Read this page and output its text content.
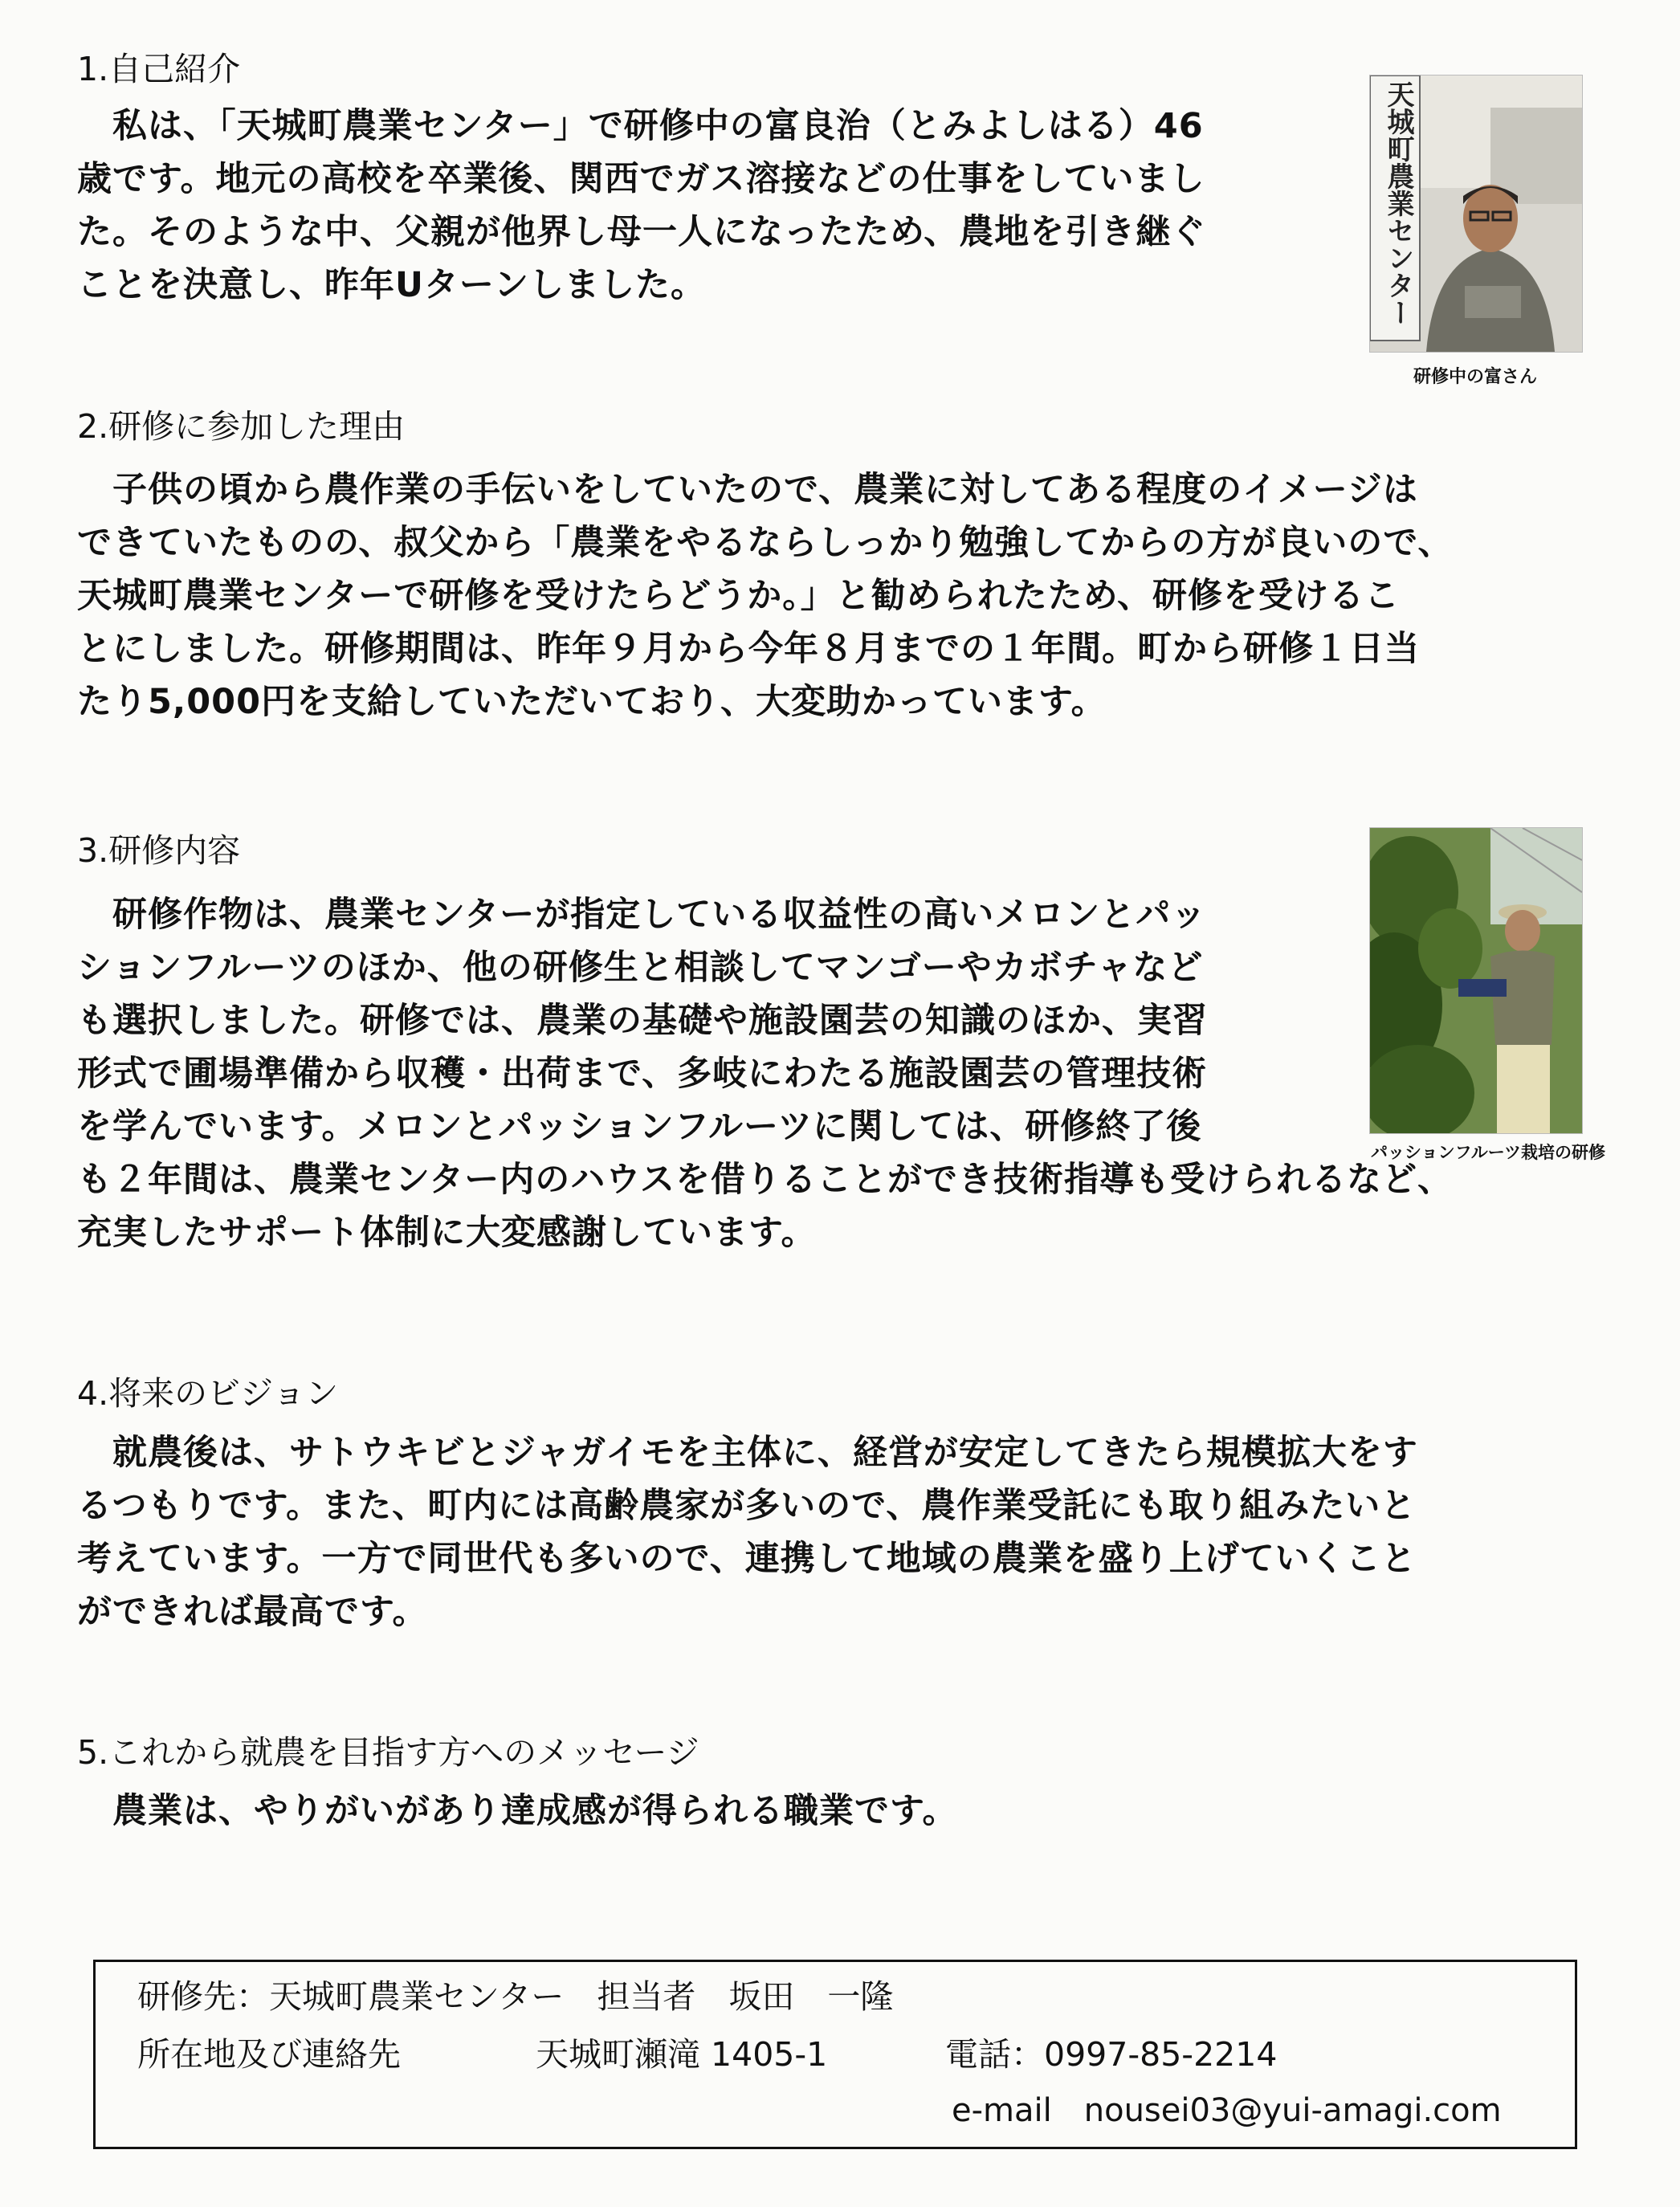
1.自己紹介
　私は、「天城町農業センター」で研修中の富良治（とみよしはる）46
歳です。地元の高校を卒業後、関西でガス溶接などの仕事をしていまし
た。そのような中、父親が他界し母一人になったため、農地を引き継ぐ
ことを決意し、昨年Uターンしました。	天城町農業センター
研修中の富さん
2.研修に参加した理由
　子供の頃から農作業の手伝いをしていたので、農業に対してある程度のイメージは
できていたものの、叔父から「農業をやるならしっかり勉強してからの方が良いので、
天城町農業センターで研修を受けたらどうか。」と勧められたため、研修を受けるこ
とにしました。研修期間は、昨年９月から今年８月までの１年間。町から研修１日当
たり5,000円を支給していただいており、大変助かっています。
3.研修内容
　研修作物は、農業センターが指定している収益性の高いメロンとパッ
ションフルーツのほか、他の研修生と相談してマンゴーやカボチャなど
も選択しました。研修では、農業の基礎や施設園芸の知識のほか、実習
形式で圃場準備から収穫・出荷まで、多岐にわたる施設園芸の管理技術
を学んでいます。メロンとパッションフルーツに関しては、研修終了後
も２年間は、農業センター内のハウスを借りることができ技術指導も受けられるなど、
充実したサポート体制に大変感謝しています。
パッションフルーツ栽培の研修
4.将来のビジョン
　就農後は、サトウキビとジャガイモを主体に、経営が安定してきたら規模拡大をす
るつもりです。また、町内には高齢農家が多いので、農作業受託にも取り組みたいと
考えています。一方で同世代も多いので、連携して地域の農業を盛り上げていくこと
ができれば最高です。
5.これから就農を目指す方へのメッセージ
　農業は、やりがいがあり達成感が得られる職業です。
研修先：天城町農業センター　担当者　坂田　一隆
所在地及び連絡先	天城町瀬滝 1405-1	電話：0997-85-2214
e-mail　nousei03@yui-amagi.com
